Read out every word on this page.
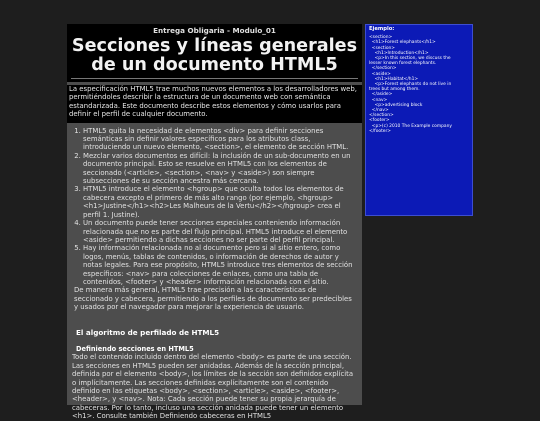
Entrega Obligaria - Modulo_01
Secciones y líneas generales de un documento HTML5
La especificación HTML5 trae muchos nuevos elementos a los desarrolladores web, permitiéndoles describir la estructura de un documento web con semántica estandarizada. Este documento describe estos elementos y cómo usarlos para definir el perfil de cualquier documento.
1. HTML5 quita la necesidad de elementos <div> para definir secciones semánticas sin definir valores específicos para los atributos class, introduciendo un nuevo elemento, <section>, el elemento de sección HTML.
2. Mezclar varios documentos es difícil: la inclusión de un sub-documento en un documento principal. Esto se resuelve en HTML5 con los elementos de seccionado (<article>, <section>, <nav> y <aside>) son siempre subsecciones de su sección ancestra más cercana.
3. HTML5 introduce el elemento <hgroup> que oculta todos los elementos de cabecera excepto el primero de más alto rango (por ejemplo, <hgroup> <h1>Justine</h1><h2>Les Malheurs de la Vertu</h2></hgroup> crea el perfil 1. Justine).
4. Un documento puede tener secciones especiales conteniendo información relacionada que no es parte del flujo principal. HTML5 introduce el elemento <aside> permitiendo a dichas secciones no ser parte del perfil principal.
5. Hay información relacionada no al documento pero si al sitio entero, como logos, menús, tablas de contenidos, o información de derechos de autor y notas legales. Para ese propósito, HTML5 introduce tres elementos de sección específicos: <nav> para colecciones de enlaces, como una tabla de contenidos, <footer> y <header> información relacionada con el sitio.

De manera más general, HTML5 trae precisión a las características de seccionado y cabecera, permitiendo a los perfiles de documento ser predecibles y usados por el navegador para mejorar la experiencia de usuario.

El algoritmo de perfilado de HTML5
Definiendo secciones en HTML5

Todo el contenido incluido dentro del elemento <body> es parte de una sección. Las secciones en HTML5 pueden ser anidadas. Además de la sección principal, definida por el elemento <body>, los límites de la sección son definidos explícita o implícitamente. Las secciones definidas explícitamente son el contenido definido en las etiquetas <body>, <section>, <article>, <aside>, <footer>, <header>, y <nav>. Nota: Cada sección puede tener su propia jerarquía de cabeceras. Por lo tanto, incluso una sección anidada puede tener un elemento <h1>. Consulte también Definiendo cabeceras en HTML5

Ejemplo:
<section>
<h1>Forest elephants</h1>
<section>
<h1>Introduction</h1>
<p>In this section, we discuss the
lesser known forest elephants.
</section>
<aside>
<h1>Habitat</h1>
<p>Forest elephants do not live in
trees but among them.
</aside>
<nav>
<p>advertising block
</nav>
</section>
<footer>
<p>(c) 2010 The Example company
</footer>
